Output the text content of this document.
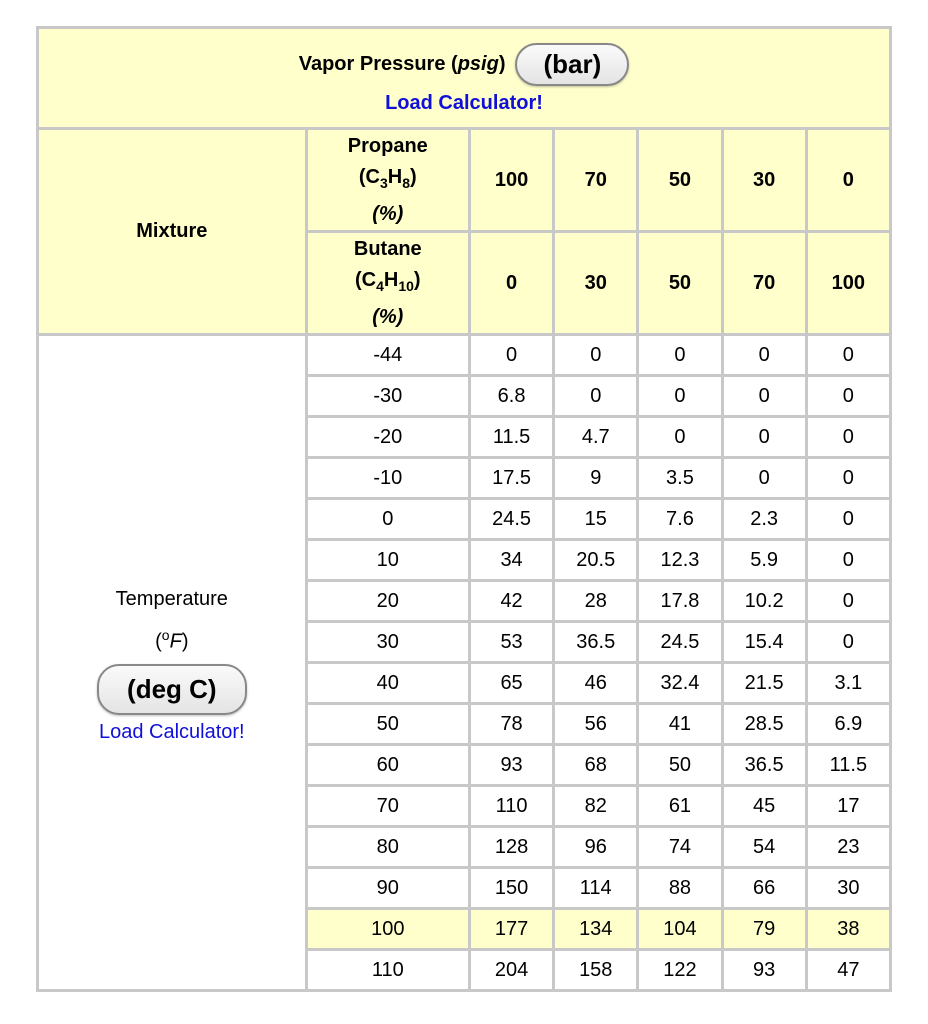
Vapor Pressure (psig) (bar)
Load Calculator!						

Mixture	Propane
$(C_3H_8)$
(%)	100	70	50	30	0

	Butane
$(C_4H_{10})$
(%)	0	30	50	70	100

Temperature
($^o$F)
(deg C)
Load Calculator!	-44	0	0	0	0	0
	-30	6.8	0	0	0	0
	-20	11.5	4.7	0	0	0
	-10	17.5	9	3.5	0	0
	0	24.5	15	7.6	2.3	0
	10	34	20.5	12.3	5.9	0
	20	42	28	17.8	10.2	0
	30	53	36.5	24.5	15.4	0
	40	65	46	32.4	21.5	3.1
	50	78	56	41	28.5	6.9
	60	93	68	50	36.5	11.5
	70	110	82	61	45	17
	80	128	96	74	54	23
	90	150	114	88	66	30
	100	177	134	104	79	38
	110	204	158	122	93	47
